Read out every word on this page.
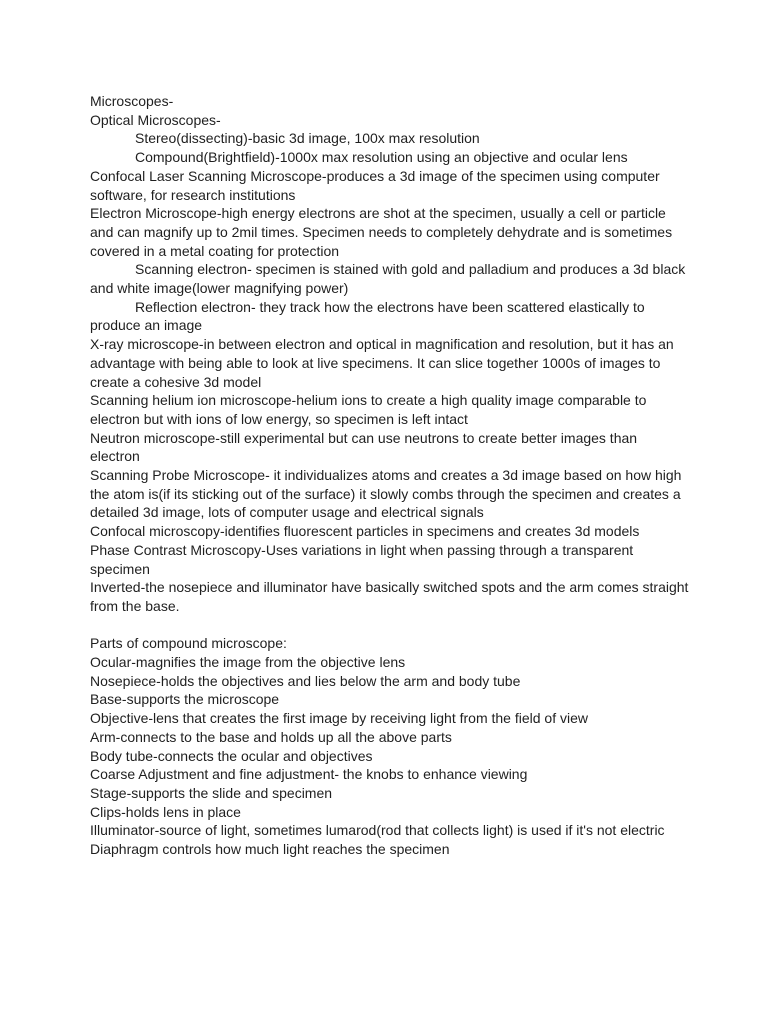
Microscopes-

Optical Microscopes-

Stereo(dissecting)-basic 3d image, 100x max resolution

Compound(Brightfield)-1000x max resolution using an objective and ocular lens

Confocal Laser Scanning Microscope-produces a 3d image of the specimen using computer software, for research institutions

Electron Microscope-high energy electrons are shot at the specimen, usually a cell or particle and can magnify up to 2mil times. Specimen needs to completely dehydrate and is sometimes covered in a metal coating for protection

Scanning electron- specimen is stained with gold and palladium and produces a 3d black and white image(lower magnifying power)

Reflection electron- they track how the electrons have been scattered elastically to produce an image

X-ray microscope-in between electron and optical in magnification and resolution, but it has an advantage with being able to look at live specimens. It can slice together 1000s of images to create a cohesive 3d model

Scanning helium ion microscope-helium ions to create a high quality image comparable to electron but with ions of low energy, so specimen is left intact

Neutron microscope-still experimental but can use neutrons to create better images than electron

Scanning Probe Microscope- it individualizes atoms and creates a 3d image based on how high the atom is(if its sticking out of the surface) it slowly combs through the specimen and creates a detailed 3d image, lots of computer usage and electrical signals

Confocal microscopy-identifies fluorescent particles in specimens and creates 3d models

Phase Contrast Microscopy-Uses variations in light when passing through a transparent specimen

Inverted-the nosepiece and illuminator have basically switched spots and the arm comes straight from the base.

Parts of compound microscope:

Ocular-magnifies the image from the objective lens

Nosepiece-holds the objectives and lies below the arm and body tube

Base-supports the microscope

Objective-lens that creates the first image by receiving light from the field of view

Arm-connects to the base and holds up all the above parts

Body tube-connects the ocular and objectives

Coarse Adjustment and fine adjustment- the knobs to enhance viewing

Stage-supports the slide and specimen

Clips-holds lens in place

Illuminator-source of light, sometimes lumarod(rod that collects light) is used if it's not electric

Diaphragm controls how much light reaches the specimen
